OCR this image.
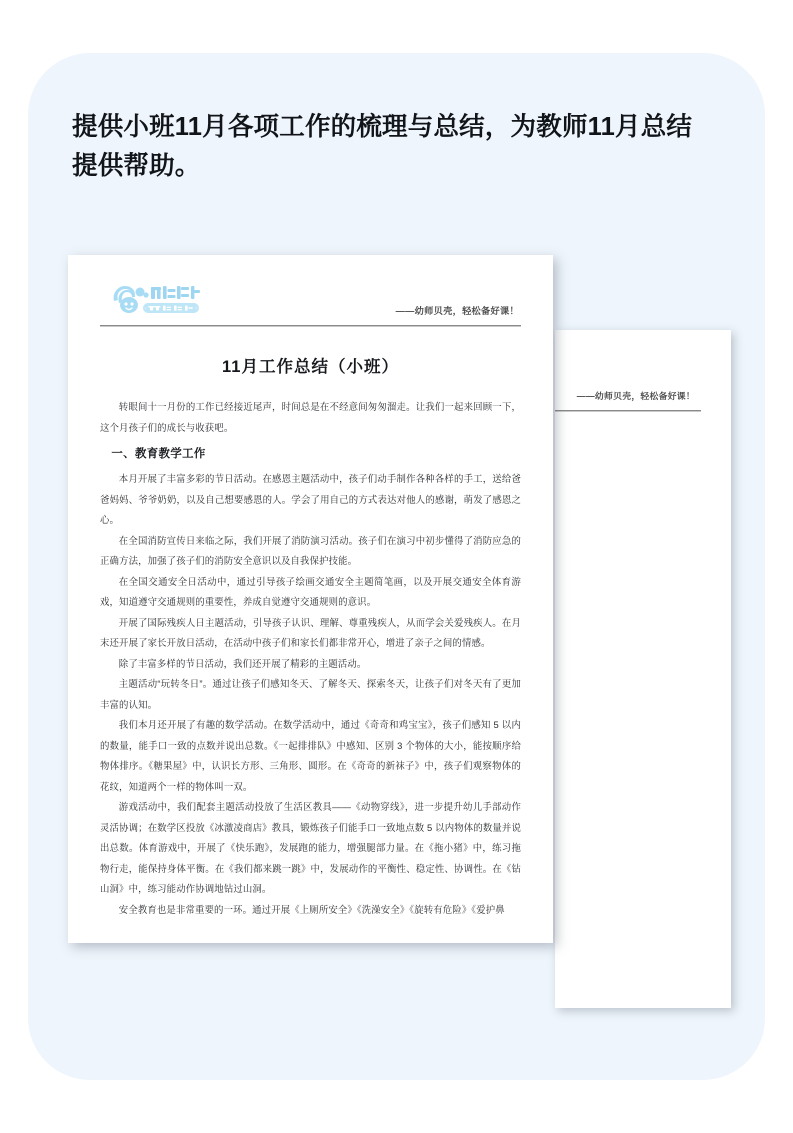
提供小班11月各项工作的梳理与总结，为教师11月总结提供帮助。
——幼师贝壳，轻松备好课！
——幼师贝壳，轻松备好课！
11月工作总结（小班）
转眼间十一月份的工作已经接近尾声，时间总是在不经意间匆匆溜走。让我们一起来回顾一下，这个月孩子们的成长与收获吧。
一、教育教学工作
本月开展了丰富多彩的节日活动。在感恩主题活动中，孩子们动手制作各种各样的手工，送给爸爸妈妈、爷爷奶奶，以及自己想要感恩的人。学会了用自己的方式表达对他人的感谢，萌发了感恩之心。
在全国消防宣传日来临之际，我们开展了消防演习活动。孩子们在演习中初步懂得了消防应急的正确方法，加强了孩子们的消防安全意识以及自我保护技能。
在全国交通安全日活动中，通过引导孩子绘画交通安全主题简笔画，以及开展交通安全体育游戏，知道遵守交通规则的重要性，养成自觉遵守交通规则的意识。
开展了国际残疾人日主题活动，引导孩子认识、理解、尊重残疾人，从而学会关爱残疾人。在月末还开展了家长开放日活动，在活动中孩子们和家长们都非常开心，增进了亲子之间的情感。
除了丰富多样的节日活动，我们还开展了精彩的主题活动。
主题活动“玩转冬日”。通过让孩子们感知冬天、了解冬天、探索冬天，让孩子们对冬天有了更加丰富的认知。
我们本月还开展了有趣的数学活动。在数学活动中，通过《奇奇和鸡宝宝》，孩子们感知 5 以内的数量，能手口一致的点数并说出总数。《一起排排队》中感知、区别 3 个物体的大小，能按顺序给物体排序。《糖果屋》中，认识长方形、三角形、圆形。在《奇奇的新袜子》中，孩子们观察物体的花纹，知道两个一样的物体叫一双。
游戏活动中，我们配套主题活动投放了生活区教具——《动物穿线》，进一步提升幼儿手部动作灵活协调；在数学区投放《冰激凌商店》教具，锻炼孩子们能手口一致地点数 5 以内物体的数量并说出总数。体育游戏中，开展了《快乐跑》，发展跑的能力，增强腿部力量。在《拖小猪》中，练习拖物行走，能保持身体平衡。在《我们都来跳一跳》中，发展动作的平衡性、稳定性、协调性。在《钻山洞》中，练习能动作协调地钻过山洞。
安全教育也是非常重要的一环。通过开展《上厕所安全》《洗澡安全》《旋转有危险》《爱护鼻
